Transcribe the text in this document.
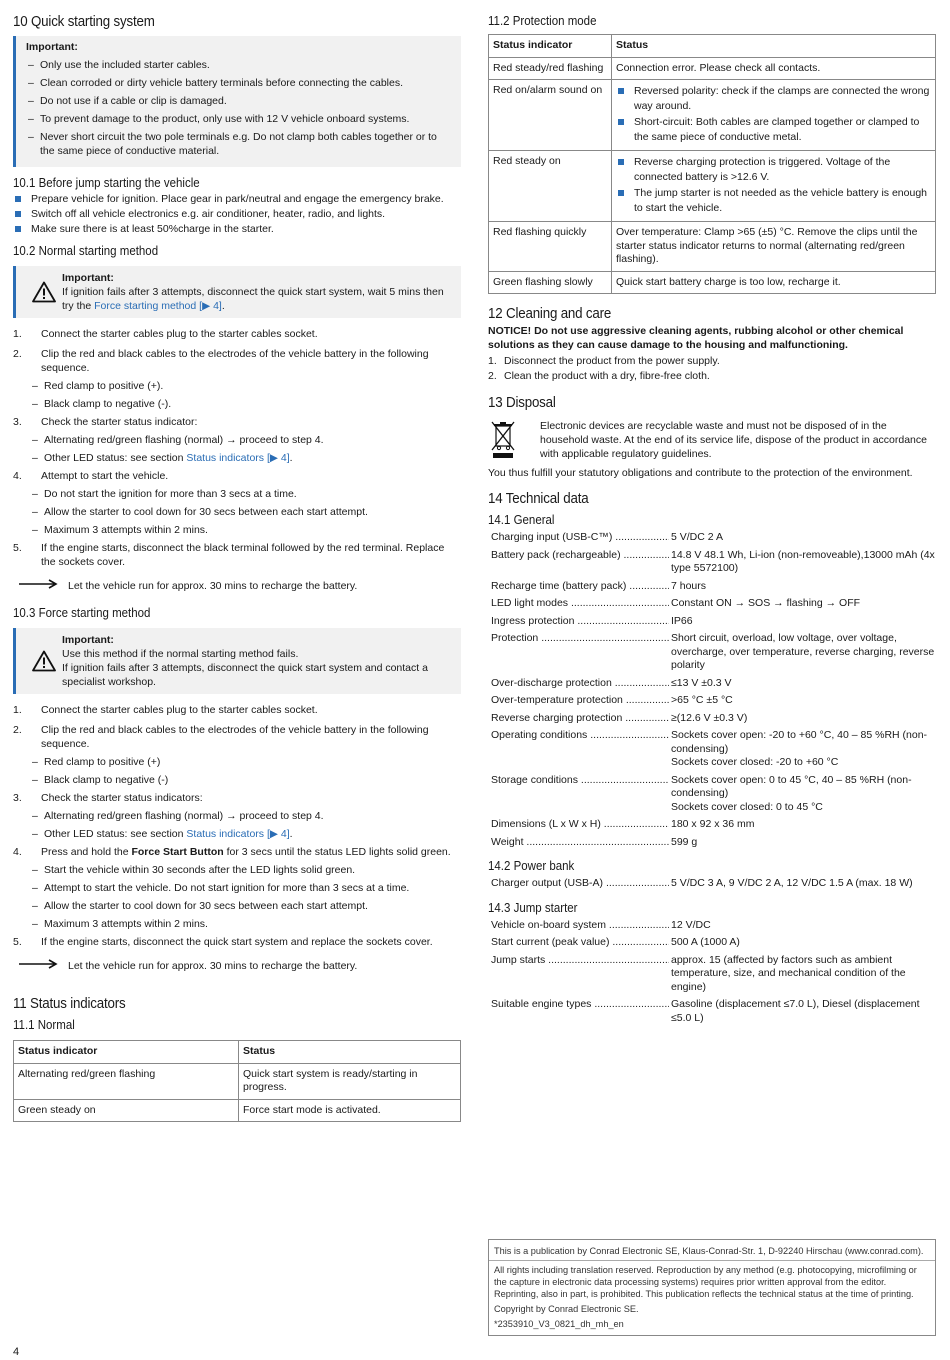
10 Quick starting system
Important:
– Only use the included starter cables.
– Clean corroded or dirty vehicle battery terminals before connecting the cables.
– Do not use if a cable or clip is damaged.
– To prevent damage to the product, only use with 12 V vehicle onboard systems.
– Never short circuit the two pole terminals e.g. Do not clamp both cables together or to the same piece of conductive material.
10.1 Before jump starting the vehicle
Prepare vehicle for ignition. Place gear in park/neutral and engage the emergency brake.
Switch off all vehicle electronics e.g. air conditioner, heater, radio, and lights.
Make sure there is at least 50%charge in the starter.
10.2 Normal starting method
Important:
If ignition fails after 3 attempts, disconnect the quick start system, wait 5 mins then try the Force starting method [▶ 4].
1.	Connect the starter cables plug to the starter cables socket.
2.	Clip the red and black cables to the electrodes of the vehicle battery in the following sequence.
– Red clamp to positive (+).
– Black clamp to negative (-).
3.	Check the starter status indicator:
– Alternating red/green flashing (normal) → proceed to step 4.
– Other LED status: see section Status indicators [▶ 4].
4.	Attempt to start the vehicle.
– Do not start the ignition for more than 3 secs at a time.
– Allow the starter to cool down for 30 secs between each start attempt.
– Maximum 3 attempts within 2 mins.
5.	If the engine starts, disconnect the black terminal followed by the red terminal. Replace the sockets cover.
Let the vehicle run for approx. 30 mins to recharge the battery.
10.3 Force starting method
Important:
Use this method if the normal starting method fails.
If ignition fails after 3 attempts, disconnect the quick start system and contact a specialist workshop.
1.	Connect the starter cables plug to the starter cables socket.
2.	Clip the red and black cables to the electrodes of the vehicle battery in the following sequence.
– Red clamp to positive (+)
– Black clamp to negative (-)
3.	Check the starter status indicators:
– Alternating red/green flashing (normal) → proceed to step 4.
– Other LED status: see section Status indicators [▶ 4].
4.	Press and hold the Force Start Button for 3 secs until the status LED lights solid green.
– Start the vehicle within 30 seconds after the LED lights solid green.
– Attempt to start the vehicle. Do not start ignition for more than 3 secs at a time.
– Allow the starter to cool down for 30 secs between each start attempt.
– Maximum 3 attempts within 2 mins.
5.	If the engine starts, disconnect the quick start system and replace the sockets cover.
Let the vehicle run for approx. 30 mins to recharge the battery.
11 Status indicators
11.1 Normal
Status indicator	Status
Alternating red/green flashing	Quick start system is ready/starting in progress.
Green steady on	Force start mode is activated.
11.2 Protection mode
Status indicator	Status
Red steady/red flashing	Connection error. Please check all contacts.
Red on/alarm sound on	Reversed polarity: check if the clamps are connected the wrong way around.
Short-circuit: Both cables are clamped together or clamped to the same piece of conductive metal.

Red steady on	Reverse charging protection is triggered. Voltage of the connected battery is >12.6 V.
The jump starter is not needed as the vehicle battery is enough to start the vehicle.

Red flashing quickly	Over temperature: Clamp >65 (±5) °C. Remove the clips until the starter status indicator returns to normal (alternating red/green flashing).
Green flashing slowly	Quick start battery charge is too low, recharge it.
12 Cleaning and care
NOTICE! Do not use aggressive cleaning agents, rubbing alcohol or other chemical solutions as they can cause damage to the housing and malfunctioning.
1. Disconnect the product from the power supply.
2. Clean the product with a dry, fibre-free cloth.
13 Disposal
Electronic devices are recyclable waste and must not be disposed of in the household waste. At the end of its service life, dispose of the product in accordance with applicable regulatory guidelines.
You thus fulfill your statutory obligations and contribute to the protection of the environment.
14 Technical data
14.1 General
Charging input (USB-C™) .....	5 V/DC 2 A
Battery pack (rechargeable) .....	14.8 V 48.1 Wh, Li-ion (non-removeable),13000 mAh (4x type 5572100)
Recharge time (battery pack) .....	7 hours
LED light modes .....	Constant ON → SOS → flashing → OFF
Ingress protection .....	IP66
Protection .....	Short circuit, overload, low voltage, over voltage, overcharge, over temperature, reverse charging, reverse polarity
Over-discharge protection .....	≤13 V ±0.3 V
Over-temperature protection .....	>65 °C ±5 °C
Reverse charging protection .....	≥(12.6 V ±0.3 V)
Operating conditions .....	Sockets cover open: -20 to +60 °C, 40 – 85 %RH (non-condensing)
Sockets cover closed: -20 to +60 °C
Storage conditions .....	Sockets cover open: 0 to 45 °C, 40 – 85 %RH (non-condensing)
Sockets cover closed: 0 to 45 °C
Dimensions (L x W x H) .....	180 x 92 x 36 mm
Weight .....	599 g
14.2 Power bank
Charger output (USB-A) .....	5 V/DC 3 A, 9 V/DC 2 A, 12 V/DC 1.5 A (max. 18 W)
14.3 Jump starter
Vehicle on-board system .....	12 V/DC
Start current (peak value) .....	500 A (1000 A)
Jump starts .....	approx. 15 (affected by factors such as ambient temperature, size, and mechanical condition of the engine)
Suitable engine types .....	Gasoline (displacement ≤7.0 L), Diesel (displacement ≤5.0 L)
This is a publication by Conrad Electronic SE, Klaus-Conrad-Str. 1, D-92240 Hirschau (www.conrad.com).
All rights including translation reserved. Reproduction by any method (e.g. photocopying, microfilming or the capture in electronic data processing systems) requires prior written approval from the editor. Reprinting, also in part, is prohibited. This publication reflects the technical status at the time of printing.
Copyright by Conrad Electronic SE.
*2353910_V3_0821_dh_mh_en
4
